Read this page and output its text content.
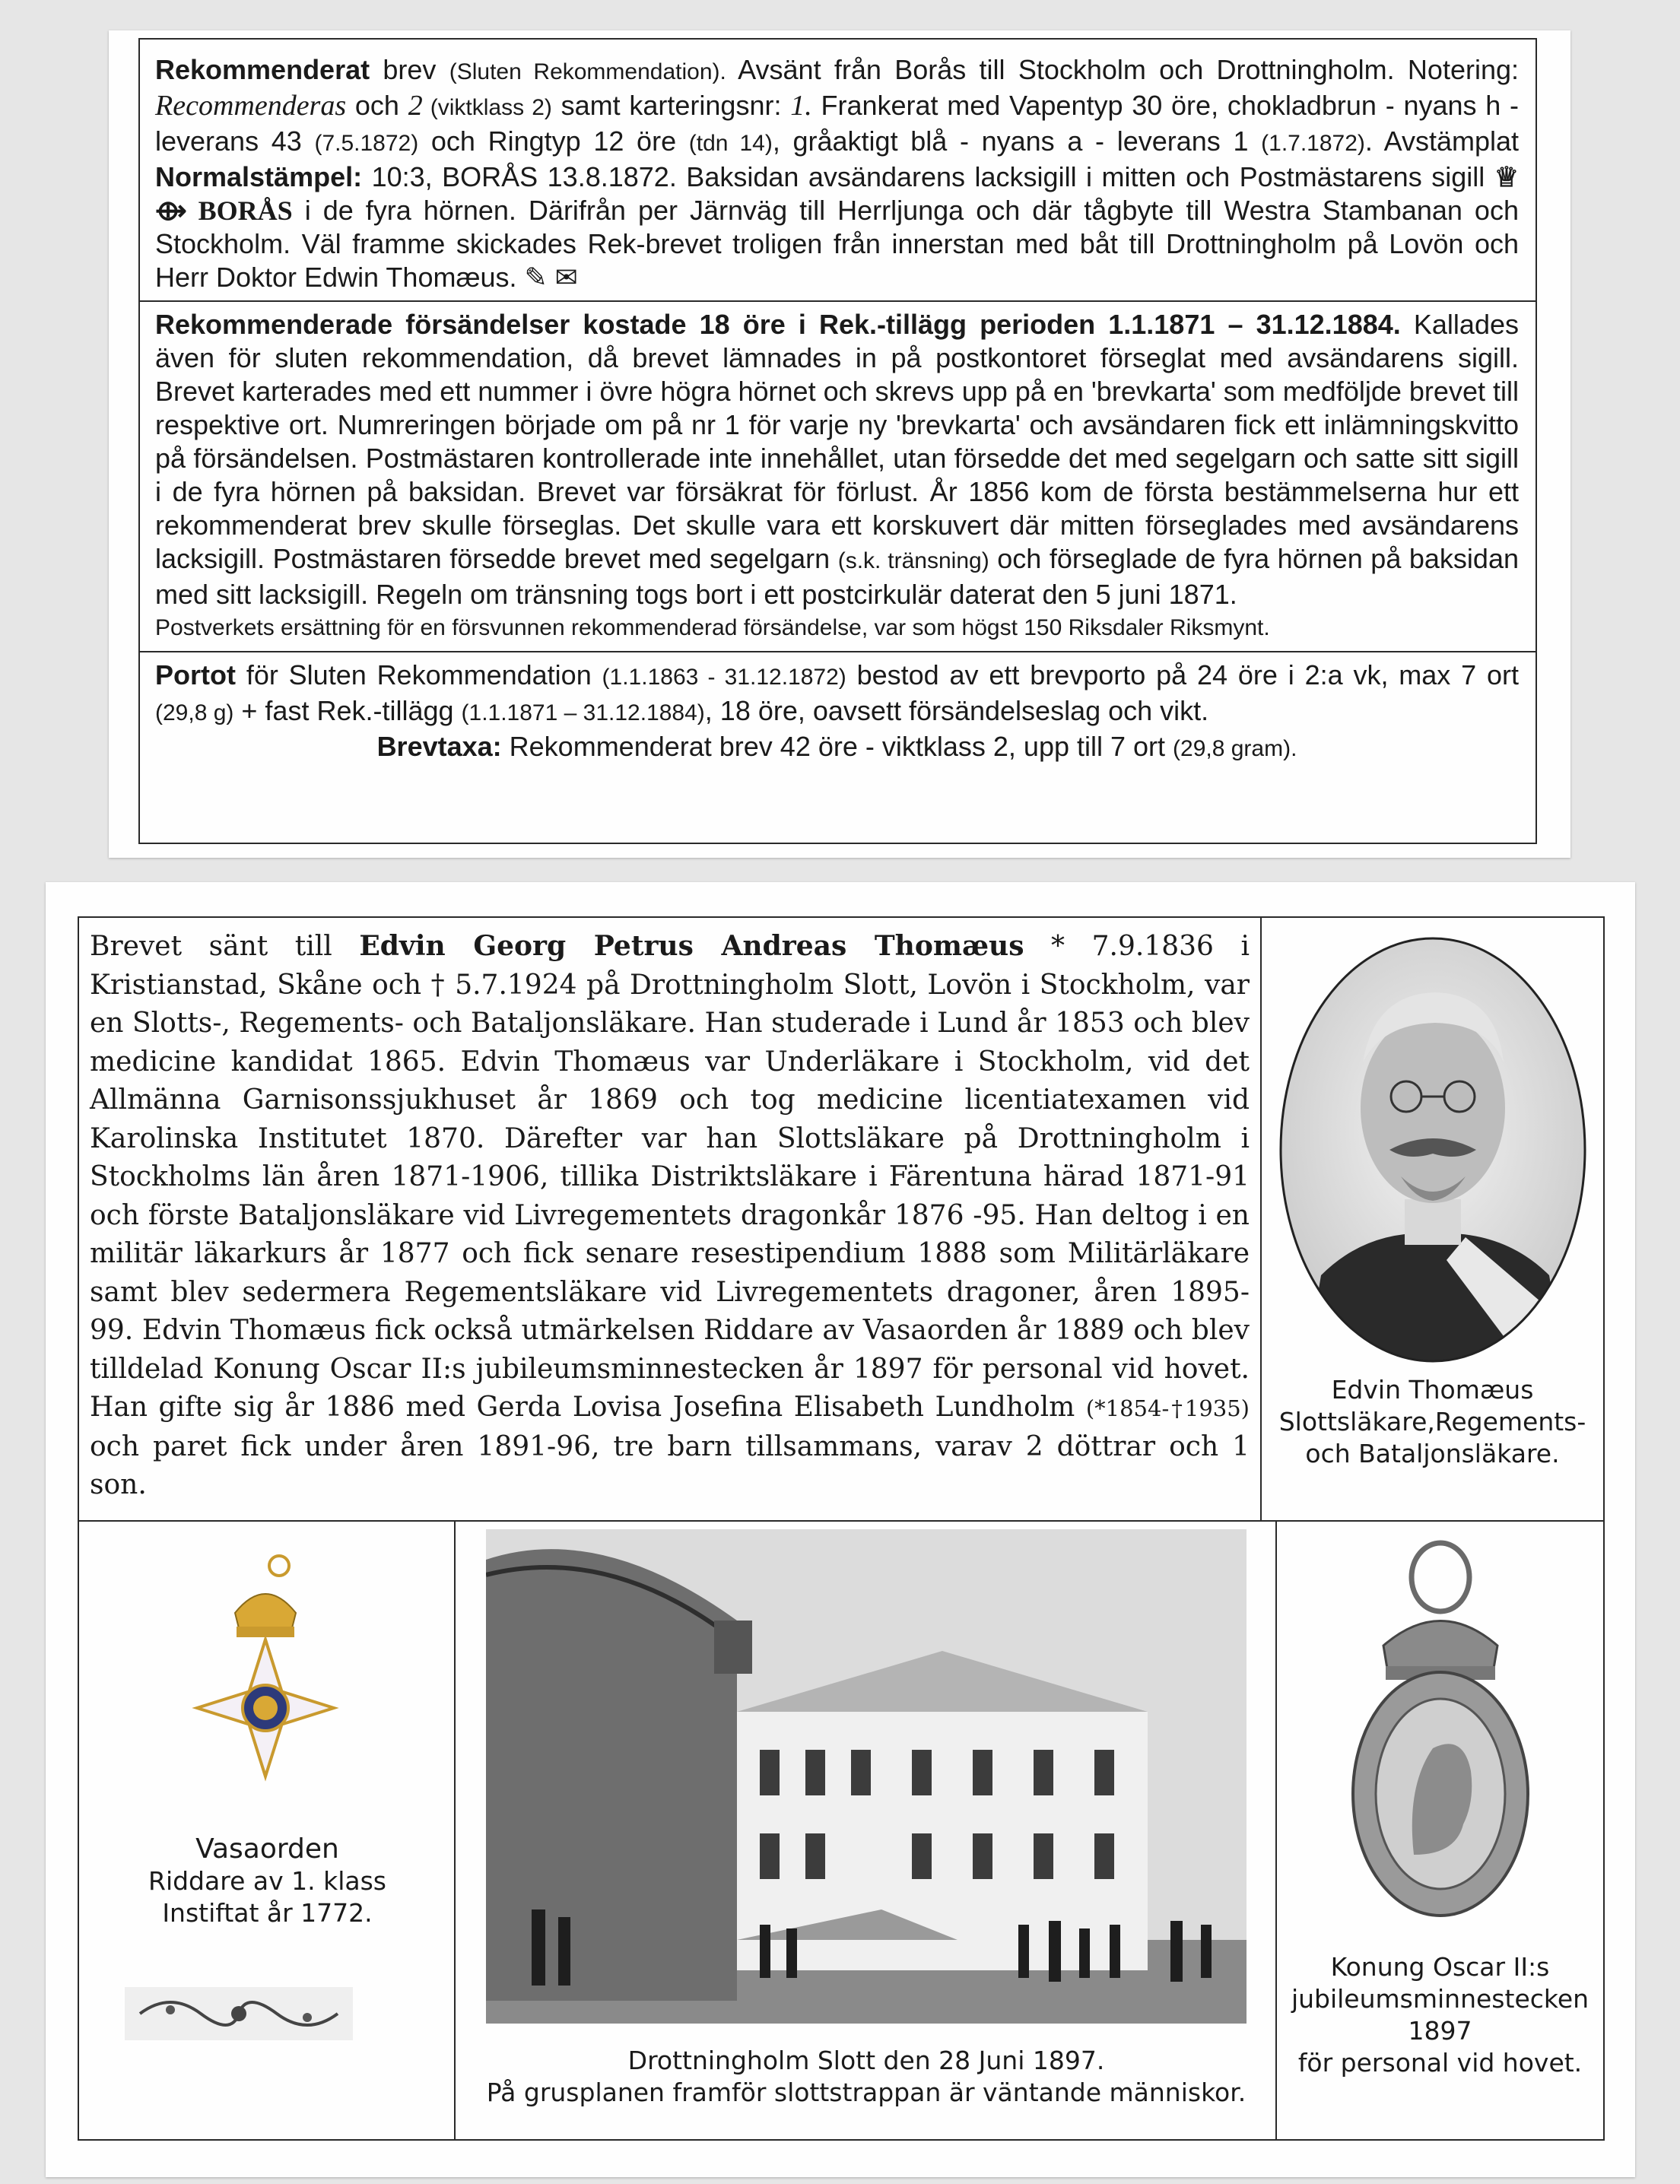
Rekommenderat brev (Sluten Rekommendation). Avsänt från Borås till Stockholm och Drottningholm. Notering: Recommenderas och 2 (viktklass 2) samt karteringsnr: 1. Frankerat med Vapentyp 30 öre, chokladbrun - nyans h - leverans 43 (7.5.1872) och Ringtyp 12 öre (tdn 14), gråaktigt blå - nyans a - leverans 1 (1.7.1872). Avstämplat Normalstämpel: 10:3, BORÅS 13.8.1872. Baksidan avsändarens lacksigill i mitten och Postmästarens sigill ♕ ⟴ BORÅS i de fyra hörnen. Därifrån per Järnväg till Herrljunga och där tågbyte till Westra Stambanan och Stockholm. Väl framme skickades Rek-brevet troligen från innerstan med båt till Drottningholm på Lovön och Herr Doktor Edwin Thomæus. ✎ ✉

Rekommenderade försändelser kostade 18 öre i Rek.-tillägg perioden 1.1.1871 – 31.12.1884. Kallades även för sluten rekommendation, då brevet lämnades in på postkontoret förseglat med avsändarens sigill. Brevet karterades med ett nummer i övre högra hörnet och skrevs upp på en 'brevkarta' som medföljde brevet till respektive ort. Numreringen började om på nr 1 för varje ny 'brevkarta' och avsändaren fick ett inlämningskvitto på försändelsen. Postmästaren kontrollerade inte innehållet, utan försedde det med segelgarn och satte sitt sigill i de fyra hörnen på baksidan. Brevet var försäkrat för förlust. År 1856 kom de första bestämmelserna hur ett rekommenderat brev skulle förseglas. Det skulle vara ett korskuvert där mitten förseglades med avsändarens lacksigill. Postmästaren försedde brevet med segelgarn (s.k. tränsning) och förseglade de fyra hörnen på baksidan med sitt lacksigill. Regeln om tränsning togs bort i ett postcirkulär daterat den 5 juni 1871.
Postverkets ersättning för en försvunnen rekommenderad försändelse, var som högst 150 Riksdaler Riksmynt.

Portot för Sluten Rekommendation (1.1.1863 - 31.12.1872) bestod av ett brevporto på 24 öre i 2:a vk, max 7 ort (29,8 g) + fast Rek.-tillägg (1.1.1871 – 31.12.1884), 18 öre, oavsett försändelseslag och vikt.

Brevtaxa: Rekommenderat brev 42 öre - viktklass 2, upp till 7 ort (29,8 gram).

Brevet sänt till Edvin Georg Petrus Andreas Thomæus * 7.9.1836 i Kristianstad, Skåne och † 5.7.1924 på Drottningholm Slott, Lovön i Stockholm, var en Slotts-, Regements- och Bataljonsläkare. Han studerade i Lund år 1853 och blev medicine kandidat 1865. Edvin Thomæus var Underläkare i Stockholm, vid det Allmänna Garnisonssjukhuset år 1869 och tog medicine licentiatexamen vid Karolinska Institutet 1870. Därefter var han Slottsläkare på Drottningholm i Stockholms län åren 1871-1906, tillika Distriktsläkare i Färentuna härad 1871-91 och förste Bataljonsläkare vid Livregementets dragonkår 1876 -95. Han deltog i en militär läkarkurs år 1877 och fick senare resestipendium 1888 som Militärläkare samt blev sedermera Regementsläkare vid Livregementets dragoner, åren 1895-99. Edvin Thomæus fick också utmärkelsen Riddare av Vasaorden år 1889 och blev tilldelad Konung Oscar II:s jubileumsminnestecken år 1897 för personal vid hovet. Han gifte sig år 1886 med Gerda Lovisa Josefina Elisabeth Lundholm (*1854-†1935) och paret fick under åren 1891-96, tre barn tillsammans, varav 2 döttrar och 1 son.

Edvin Thomæus
Slottsläkare,Regements-
och Bataljonsläkare.
Vasaorden
Riddare av 1. klass
Instiftat år 1772.
Drottningholm Slott den 28 Juni 1897.
På grusplanen framför slottstrappan är väntande människor.
Konung Oscar II:s
jubileumsminnestecken
1897
för personal vid hovet.
